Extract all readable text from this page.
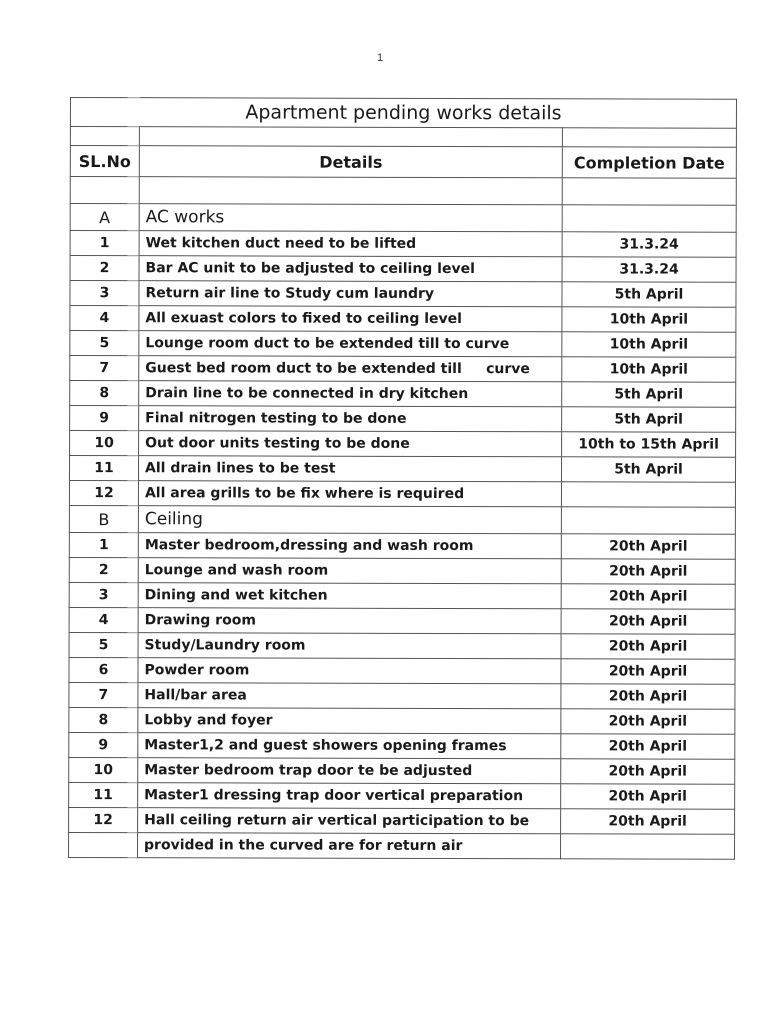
1
Apartment pending works details		

SL.No	Details	Completion Date

A	AC works	
1	Wet kitchen duct need to be lifted	31.3.24
2	Bar AC unit to be adjusted to ceiling level	31.3.24
3	Return air line to Study cum laundry	5th April
4	All exuast colors to fixed to ceiling level	10th April
5	Lounge room duct to be extended till to curve	10th April
7	Guest bed room duct to be extended till     curve	10th April
8	Drain line to be connected in dry kitchen	5th April
9	Final nitrogen testing to be done	5th April
10	Out door units testing to be done	10th to 15th April
11	All drain lines to be test	5th April
12	All area grills to be fix where is required	
B	Ceiling	
1	Master bedroom,dressing and wash room	20th April
2	Lounge and wash room	20th April
3	Dining and wet kitchen	20th April
4	Drawing room	20th April
5	Study/Laundry room	20th April
6	Powder room	20th April
7	Hall/bar area	20th April
8	Lobby and foyer	20th April
9	Master1,2 and guest showers opening frames	20th April
10	Master bedroom trap door te be adjusted	20th April
11	Master1 dressing trap door vertical preparation	20th April
12	Hall ceiling return air vertical participation to be	20th April
	provided in the curved are for return air	
